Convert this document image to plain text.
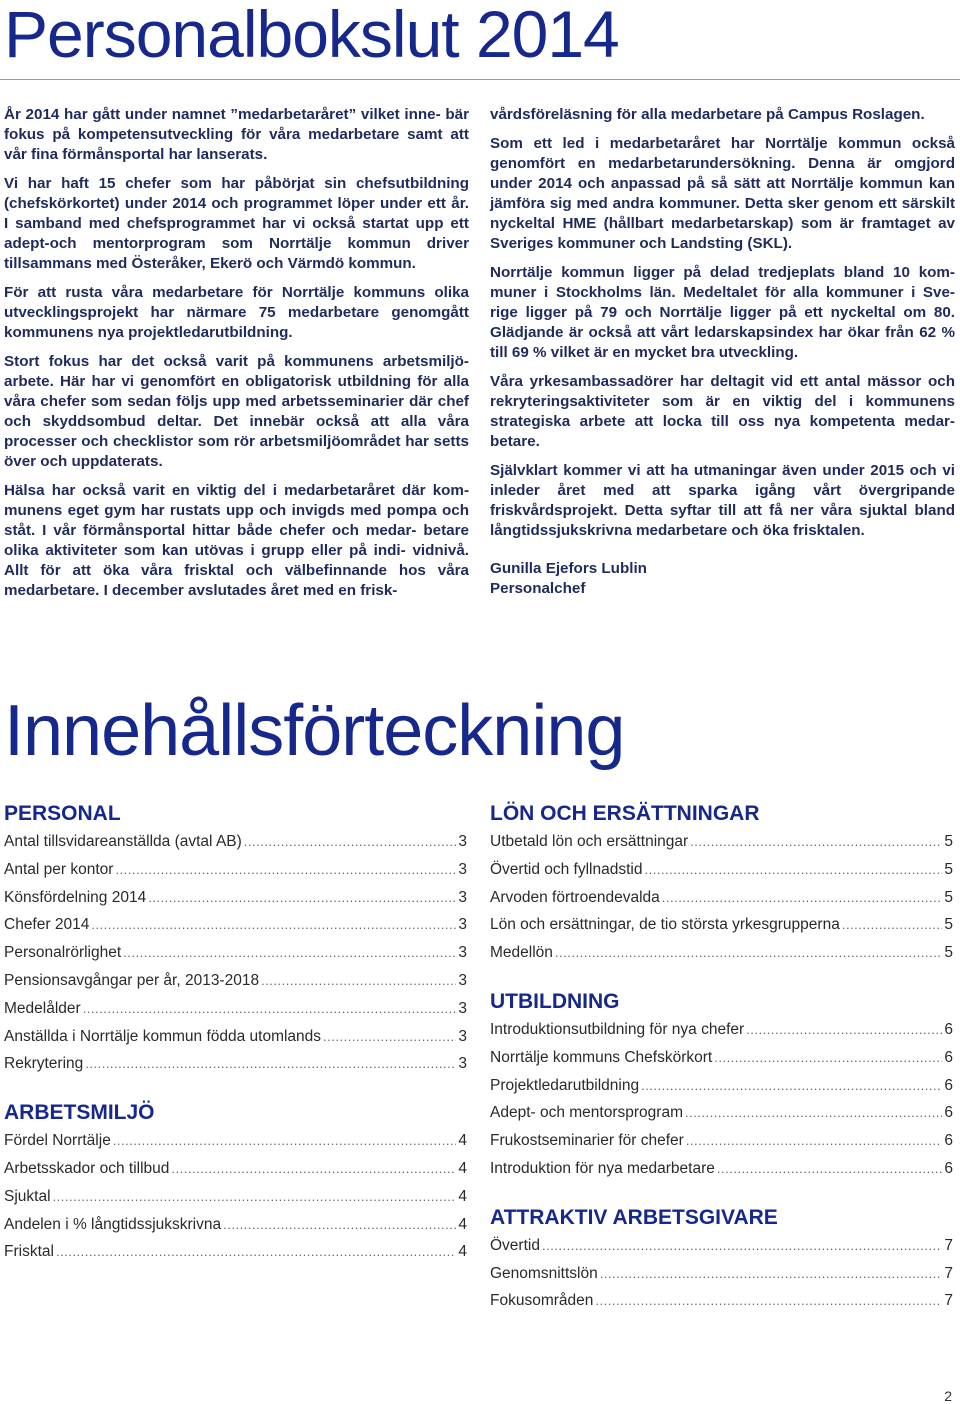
Personalbokslut 2014

År 2014 har gått under namnet ”medarbetaråret” vilket inne- bär fokus på kompetensutveckling för våra medarbetare samt att vår fina förmånsportal har lanserats.

Vi har haft 15 chefer som har påbörjat sin chefsutbildning (chefskörkortet) under 2014 och programmet löper under ett år. I samband med chefsprogrammet har vi också startat upp ett adept-och mentorprogram som Norrtälje kommun driver tillsammans med Österåker, Ekerö och Värmdö kommun.

För att rusta våra medarbetare för Norrtälje kommuns olika utvecklingsprojekt har närmare 75 medarbetare genomgått kommunens nya projektledarutbildning.

Stort fokus har det också varit på kommunens arbetsmiljö- arbete. Här har vi genomfört en obligatorisk utbildning för alla våra chefer som sedan följs upp med arbetsseminarier där chef och skyddsombud deltar. Det innebär också att alla våra processer och checklistor som rör arbetsmiljöområdet har setts över och uppdaterats.

Hälsa har också varit en viktig del i medarbetaråret där kom- munens eget gym har rustats upp och invigds med pompa och ståt. I vår förmånsportal hittar både chefer och medar- betare olika aktiviteter som kan utövas i grupp eller på indi- vidnivå. Allt för att öka våra frisktal och välbefinnande hos våra medarbetare. I december avslutades året med en frisk-

vårdsföreläsning för alla medarbetare på Campus Roslagen.

Som ett led i medarbetaråret har Norrtälje kommun också genomfört en medarbetarundersökning. Denna är omgjord under 2014 och anpassad på så sätt att Norrtälje kommun kan jämföra sig med andra kommuner. Detta sker genom ett särskilt nyckeltal HME (hållbart medarbetarskap) som är framtaget av Sveriges kommuner och Landsting (SKL).

Norrtälje kommun ligger på delad tredjeplats bland 10 kom- muner i Stockholms län. Medeltalet för alla kommuner i Sve- rige ligger på 79 och Norrtälje ligger på ett nyckeltal om 80. Glädjande är också att vårt ledarskapsindex har ökar från 62 % till 69 % vilket är en mycket bra utveckling.

Våra yrkesambassadörer har deltagit vid ett antal mässor och rekryteringsaktiviteter som är en viktig del i kommunens strategiska arbete att locka till oss nya kompetenta medar- betare.

Självklart kommer vi att ha utmaningar även under 2015 och vi inleder året med att sparka igång vårt övergripande friskvårdsprojekt. Detta syftar till att få ner våra sjuktal bland långtidssjukskrivna medarbetare och öka frisktalen.

Gunilla Ejefors Lublin
Personalchef
Innehållsförteckning
PERSONAL
Antal tillsvidareanställda (avtal AB) .....	3
Antal per kontor .....	3
Könsfördelning 2014 .....	3
Chefer 2014 .....	3
Personalrörlighet .....	3
Pensionsavgångar per år, 2013-2018 .....	3
Medelålder .....	3
Anställda i Norrtälje kommun födda utomlands .....	3
Rekrytering .....	3
ARBETSMILJÖ
Fördel Norrtälje .....	4
Arbetsskador och tillbud .....	4
Sjuktal .....	4
Andelen i % långtidssjukskrivna .....	4
Frisktal .....	4
LÖN OCH ERSÄTTNINGAR
Utbetald lön och ersättningar .....	5
Övertid och fyllnadstid .....	5
Arvoden förtroendevalda .....	5
Lön och ersättningar, de tio största yrkesgrupperna .....	5
Medellön .....	5
UTBILDNING
Introduktionsutbildning för nya chefer .....	6
Norrtälje kommuns Chefskörkort .....	6
Projektledarutbildning .....	6
Adept- och mentorsprogram .....	6
Frukostseminarier för chefer .....	6
Introduktion för nya medarbetare .....	6
ATTRAKTIV ARBETSGIVARE
Övertid .....	7
Genomsnittslön .....	7
Fokusområden .....	7
2
